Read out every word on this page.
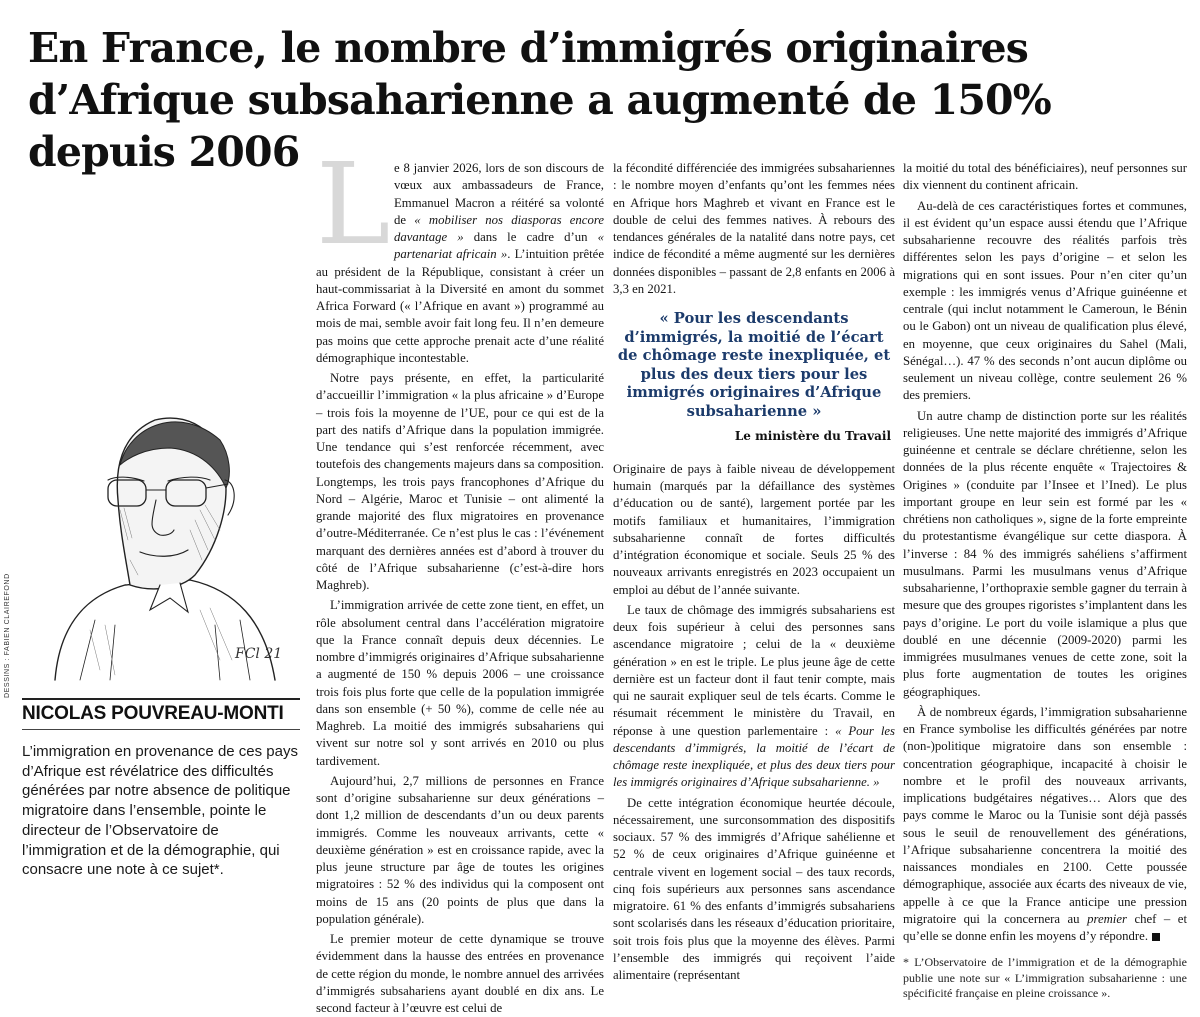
En France, le nombre d’immigrés originaires d’Afrique subsaharienne a augmenté de 150% depuis 2006
FCl 21
DESSINS : FABIEN CLAIREFOND
NICOLAS POUVREAU-MONTI

L’immigration en provenance de ces pays d’Afrique est révélatrice des difficultés générées par notre absence de politique migratoire dans l’ensemble, pointe le directeur de l’Observatoire de l’immigration et de la démographie, qui consacre une note à ce sujet*.

L e 8 janvier 2026, lors de son discours de vœux aux ambassadeurs de France, Emmanuel Macron a réitéré sa volonté de « mobiliser nos diasporas encore davantage » dans le cadre d’un « partenariat africain ». L’intuition prêtée au président de la République, consistant à créer un haut-commissariat à la Diversité en amont du sommet Africa Forward (« l’Afrique en avant ») programmé au mois de mai, semble avoir fait long feu. Il n’en demeure pas moins que cette approche prenait acte d’une réalité démographique incontestable.

Notre pays présente, en effet, la particularité d’accueillir l’immigration « la plus africaine » d’Europe – trois fois la moyenne de l’UE, pour ce qui est de la part des natifs d’Afrique dans la population immigrée. Une tendance qui s’est renforcée récemment, avec toutefois des changements majeurs dans sa composition. Longtemps, les trois pays francophones d’Afrique du Nord – Algérie, Maroc et Tunisie – ont alimenté la grande majorité des flux migratoires en provenance d’outre-Méditerranée. Ce n’est plus le cas : l’événement marquant des dernières années est d’abord à trouver du côté de l’Afrique subsaharienne (c’est-à-dire hors Maghreb).

L’immigration arrivée de cette zone tient, en effet, un rôle absolument central dans l’accélération migratoire que la France connaît depuis deux décennies. Le nombre d’immigrés originaires d’Afrique subsaharienne a augmenté de 150 % depuis 2006 – une croissance trois fois plus forte que celle de la population immigrée dans son ensemble (+ 50 %), comme de celle née au Maghreb. La moitié des immigrés subsahariens qui vivent sur notre sol y sont arrivés en 2010 ou plus tardivement.

Aujourd’hui, 2,7 millions de personnes en France sont d’origine subsaharienne sur deux générations – dont 1,2 million de descendants d’un ou deux parents immigrés. Comme les nouveaux arrivants, cette « deuxième génération » est en croissance rapide, avec la plus jeune structure par âge de toutes les origines migratoires : 52 % des individus qui la composent ont moins de 15 ans (20 points de plus que dans la population générale).

Le premier moteur de cette dynamique se trouve évidemment dans la hausse des entrées en provenance de cette région du monde, le nombre annuel des arrivées d’immigrés subsahariens ayant doublé en dix ans. Le second facteur à l’œuvre est celui de

la fécondité différenciée des immigrées subsahariennes : le nombre moyen d’enfants qu’ont les femmes nées en Afrique hors Maghreb et vivant en France est le double de celui des femmes natives. À rebours des tendances générales de la natalité dans notre pays, cet indice de fécondité a même augmenté sur les dernières données disponibles – passant de 2,8 enfants en 2006 à 3,3 en 2021.

« Pour les descendants d’immigrés, la moitié de l’écart de chômage reste inexpliquée, et plus des deux tiers pour les immigrés originaires d’Afrique subsaharienne »
Le ministère du Travail

Originaire de pays à faible niveau de développement humain (marqués par la défaillance des systèmes d’éducation ou de santé), largement portée par les motifs familiaux et humanitaires, l’immigration subsaharienne connaît de fortes difficultés d’intégration économique et sociale. Seuls 25 % des nouveaux arrivants enregistrés en 2023 occupaient un emploi au début de l’année suivante.

Le taux de chômage des immigrés subsahariens est deux fois supérieur à celui des personnes sans ascendance migratoire ; celui de la « deuxième génération » en est le triple. Le plus jeune âge de cette dernière est un facteur dont il faut tenir compte, mais qui ne saurait expliquer seul de tels écarts. Comme le résumait récemment le ministère du Travail, en réponse à une question parlementaire : « Pour les descendants d’immigrés, la moitié de l’écart de chômage reste inexpliquée, et plus des deux tiers pour les immigrés originaires d’Afrique subsaharienne. »

De cette intégration économique heurtée découle, nécessairement, une surconsommation des dispositifs sociaux. 57 % des immigrés d’Afrique sahélienne et 52 % de ceux originaires d’Afrique guinéenne et centrale vivent en logement social – des taux records, cinq fois supérieurs aux personnes sans ascendance migratoire. 61 % des enfants d’immigrés subsahariens sont scolarisés dans les réseaux d’éducation prioritaire, soit trois fois plus que la moyenne des élèves. Parmi l’ensemble des immigrés qui reçoivent l’aide alimentaire (représentant

la moitié du total des bénéficiaires), neuf personnes sur dix viennent du continent africain.

Au-delà de ces caractéristiques fortes et communes, il est évident qu’un espace aussi étendu que l’Afrique subsaharienne recouvre des réalités parfois très différentes selon les pays d’origine – et selon les migrations qui en sont issues. Pour n’en citer qu’un exemple : les immigrés venus d’Afrique guinéenne et centrale (qui inclut notamment le Cameroun, le Bénin ou le Gabon) ont un niveau de qualification plus élevé, en moyenne, que ceux originaires du Sahel (Mali, Sénégal…). 47 % des seconds n’ont aucun diplôme ou seulement un niveau collège, contre seulement 26 % des premiers.

Un autre champ de distinction porte sur les réalités religieuses. Une nette majorité des immigrés d’Afrique guinéenne et centrale se déclare chrétienne, selon les données de la plus récente enquête « Trajectoires & Origines » (conduite par l’Insee et l’Ined). Le plus important groupe en leur sein est formé par les « chrétiens non catholiques », signe de la forte empreinte du protestantisme évangélique sur cette diaspora. À l’inverse : 84 % des immigrés sahéliens s’affirment musulmans. Parmi les musulmans venus d’Afrique subsaharienne, l’orthopraxie semble gagner du terrain à mesure que des groupes rigoristes s’implantent dans les pays d’origine. Le port du voile islamique a plus que doublé en une décennie (2009-2020) parmi les immigrées musulmanes venues de cette zone, soit la plus forte augmentation de toutes les origines géographiques.

À de nombreux égards, l’immigration subsaharienne en France symbolise les difficultés générées par notre (non-)politique migratoire dans son ensemble : concentration géographique, incapacité à choisir le nombre et le profil des nouveaux arrivants, implications budgétaires négatives… Alors que des pays comme le Maroc ou la Tunisie sont déjà passés sous le seuil de renouvellement des générations, l’Afrique subsaharienne concentrera la moitié des naissances mondiales en 2100. Cette poussée démographique, associée aux écarts des niveaux de vie, appelle à ce que la France anticipe une pression migratoire qui la concernera au premier chef – et qu’elle se donne enfin les moyens d’y répondre.

* L’Observatoire de l’immigration et de la démographie publie une note sur « L’immigration subsaharienne : une spécificité française en pleine croissance ».
